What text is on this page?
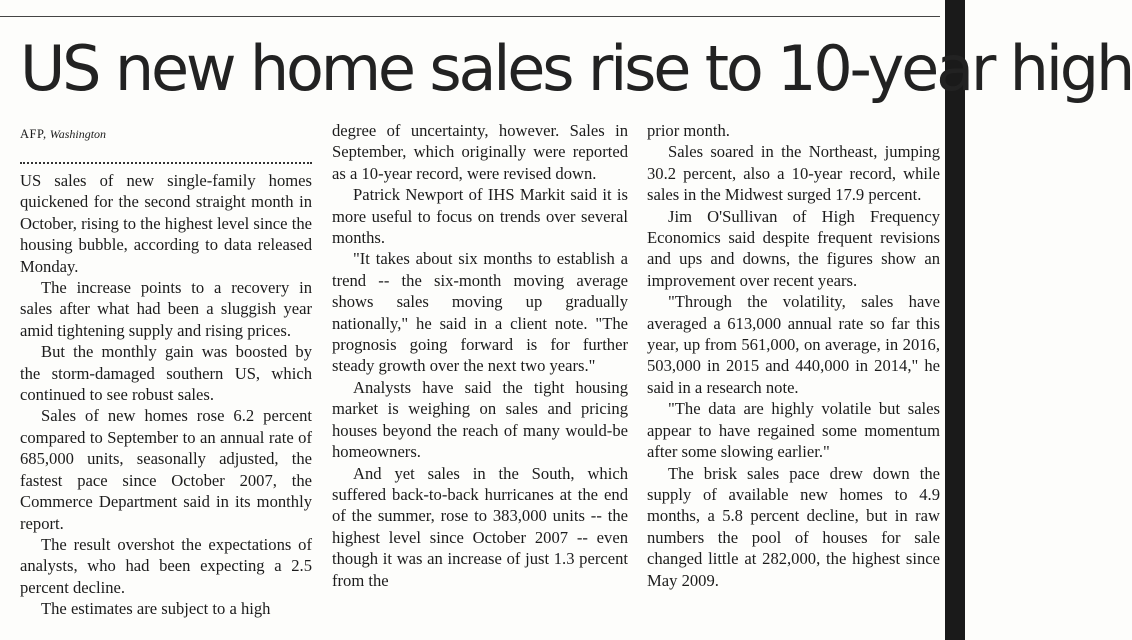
US new home sales rise to 10-year high
AFP, Washington

US sales of new single-family homes quickened for the second straight month in October, rising to the highest level since the housing bubble, according to data released Monday.

The increase points to a recovery in sales after what had been a sluggish year amid tightening supply and rising prices.

But the monthly gain was boosted by the storm-damaged southern US, which continued to see robust sales.

Sales of new homes rose 6.2 percent compared to September to an annual rate of 685,000 units, seasonally adjusted, the fastest pace since October 2007, the Commerce Department said in its monthly report.

The result overshot the expectations of analysts, who had been expecting a 2.5 percent decline.

The estimates are subject to a high

degree of uncertainty, however. Sales in September, which originally were reported as a 10-year record, were revised down.

Patrick Newport of IHS Markit said it is more useful to focus on trends over several months.

"It takes about six months to establish a trend -- the six-month moving average shows sales moving up gradually nationally," he said in a client note. "The prognosis going forward is for further steady growth over the next two years."

Analysts have said the tight housing market is weighing on sales and pricing houses beyond the reach of many would-be homeowners.

And yet sales in the South, which suffered back-to-back hurricanes at the end of the summer, rose to 383,000 units -- the highest level since October 2007 -- even though it was an increase of just 1.3 percent from the

prior month.

Sales soared in the Northeast, jumping 30.2 percent, also a 10-year record, while sales in the Midwest surged 17.9 percent.

Jim O'Sullivan of High Frequency Economics said despite frequent revisions and ups and downs, the figures show an improvement over recent years.

"Through the volatility, sales have averaged a 613,000 annual rate so far this year, up from 561,000, on average, in 2016, 503,000 in 2015 and 440,000 in 2014," he said in a research note.

"The data are highly volatile but sales appear to have regained some momentum after some slowing earlier."

The brisk sales pace drew down the supply of available new homes to 4.9 months, a 5.8 percent decline, but in raw numbers the pool of houses for sale changed little at 282,000, the highest since May 2009.
